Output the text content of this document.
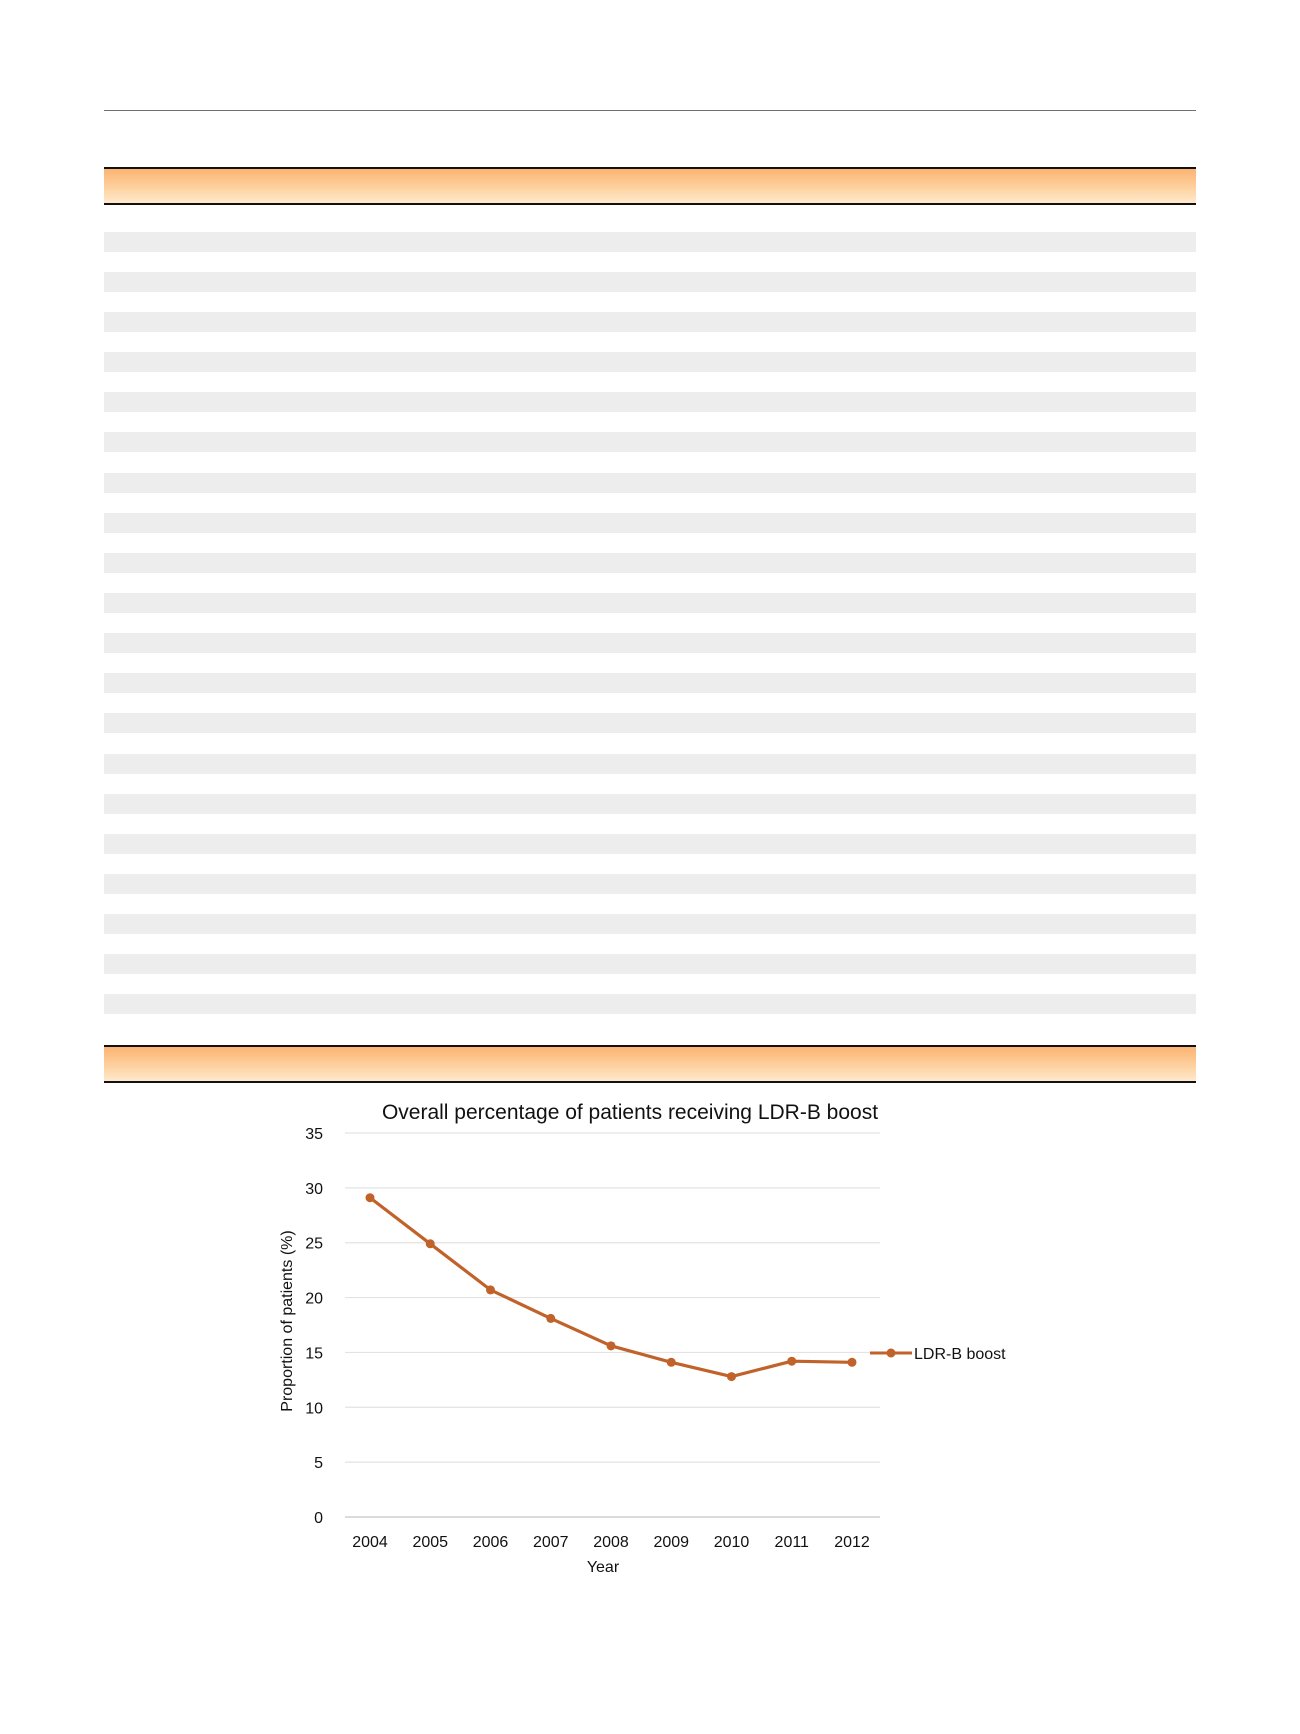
0
5
10
15
20
25
30
35
2004 2005 2006 2007 2008 2009 2010 2011 2012
Overall percentage of patients receiving LDR-B boost
Year
Proportion of patients (%)	LDR-B boost
